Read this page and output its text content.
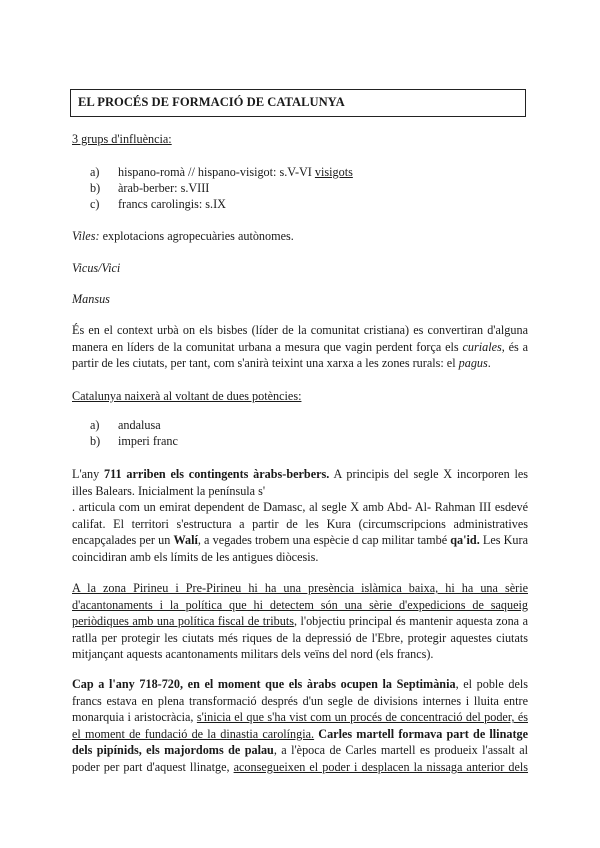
EL PROCÉS DE FORMACIÓ DE CATALUNYA
3 grups d'influència:
a) hispano-romà // hispano-visigot: s.V-VI visigots
b) àrab-berber: s.VIII
c) francs carolingis: s.IX
Viles: explotacions agropecuàries autònomes.
Vicus/Vici
Mansus
És en el context urbà on els bisbes (líder de la comunitat cristiana) es convertiran d'alguna
manera en líders de la comunitat urbana a mesura que vagin perdent força els curiales, és a
partir de les ciutats, per tant, com s'anirà teixint una xarxa a les zones rurals: el pagus.
Catalunya naixerà al voltant de dues potències:
a) andalusa
b) imperi franc
L'any 711 arriben els contingents àrabs-berbers. A principis del segle X incorporen les
illes Balears. Inicialment la península s'
. articula com un emirat dependent de Damasc, al segle X amb Abd- Al- Rahman III esdevé
califat. El territori s'estructura a partir de les Kura (circumscripcions administratives
encapçalades per un Walí, a vegades trobem una espècie d cap militar també qa'id. Les Kura
coincidiran amb els límits de les antigues diòcesis.
A la zona Pirineu i Pre-Pirineu hi ha una presència islàmica baixa, hi ha una sèrie
d'acantonaments i la política que hi detectem són una sèrie d'expedicions de saqueig
periòdiques amb una política fiscal de tributs, l'objectiu principal és mantenir aquesta zona a
ratlla per protegir les ciutats més riques de la depressió de l'Ebre, protegir aquestes ciutats
mitjançant aquests acantonaments militars dels veïns del nord (els francs).
Cap a l'any 718-720, en el moment que els àrabs ocupen la Septimània, el poble dels
francs estava en plena transformació després d'un segle de divisions internes i lluita entre
monarquia i aristocràcia, s'inicia el que s'ha vist com un procés de concentració del poder, és
el moment de fundació de la dinastia carolíngia. Carles martell formava part de llinatge
dels pipínids, els majordoms de palau, a l'època de Carles martell es produeix l'assalt al
poder per part d'aquest llinatge, aconsegueixen el poder i desplacen la nissaga anterior dels
